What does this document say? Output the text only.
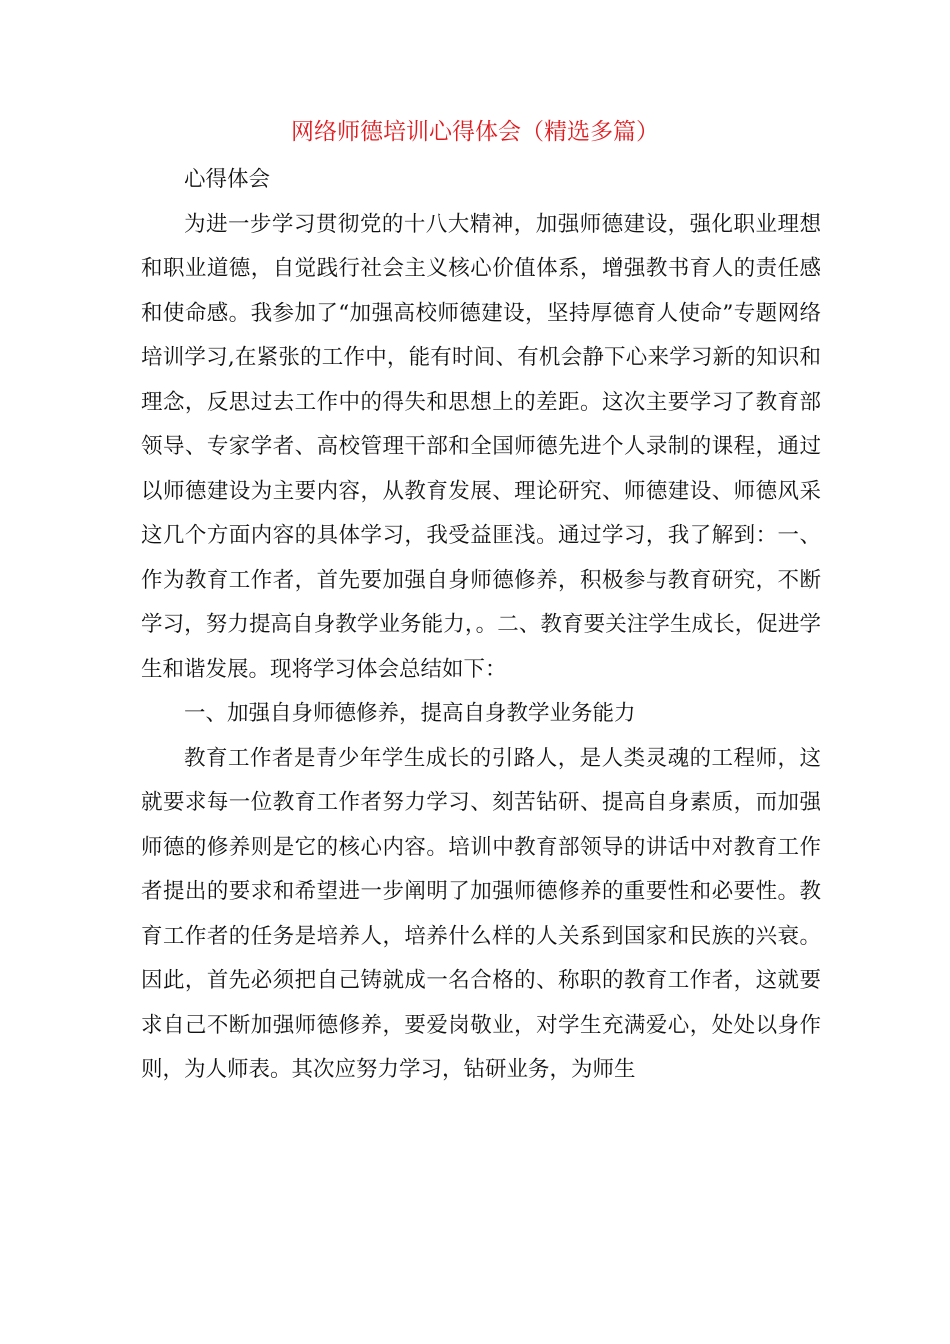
网络师德培训心得体会（精选多篇）

心得体会

为进一步学习贯彻党的十八大精神，加强师德建设，强化职业理想和职业道德，自觉践行社会主义核心价值体系，增强教书育人的责任感和使命感。我参加了“加强高校师德建设，坚持厚德育人使命”专题网络培训学习,在紧张的工作中，能有时间、有机会静下心来学习新的知识和理念，反思过去工作中的得失和思想上的差距。这次主要学习了教育部领导、专家学者、高校管理干部和全国师德先进个人录制的课程，通过以师德建设为主要内容，从教育发展、理论研究、师德建设、师德风采这几个方面内容的具体学习，我受益匪浅。通过学习，我了解到：一、作为教育工作者，首先要加强自身师德修养，积极参与教育研究，不断学习，努力提高自身教学业务能力，。二、教育要关注学生成长，促进学生和谐发展。现将学习体会总结如下：

一、加强自身师德修养，提高自身教学业务能力

教育工作者是青少年学生成长的引路人，是人类灵魂的工程师，这就要求每一位教育工作者努力学习、刻苦钻研、提高自身素质，而加强师德的修养则是它的核心内容。培训中教育部领导的讲话中对教育工作者提出的要求和希望进一步阐明了加强师德修养的重要性和必要性。教育工作者的任务是培养人，培养什么样的人关系到国家和民族的兴衰。因此，首先必须把自己铸就成一名合格的、称职的教育工作者，这就要求自己不断加强师德修养，要爱岗敬业，对学生充满爱心，处处以身作则，为人师表。其次应努力学习，钻研业务，为师生
